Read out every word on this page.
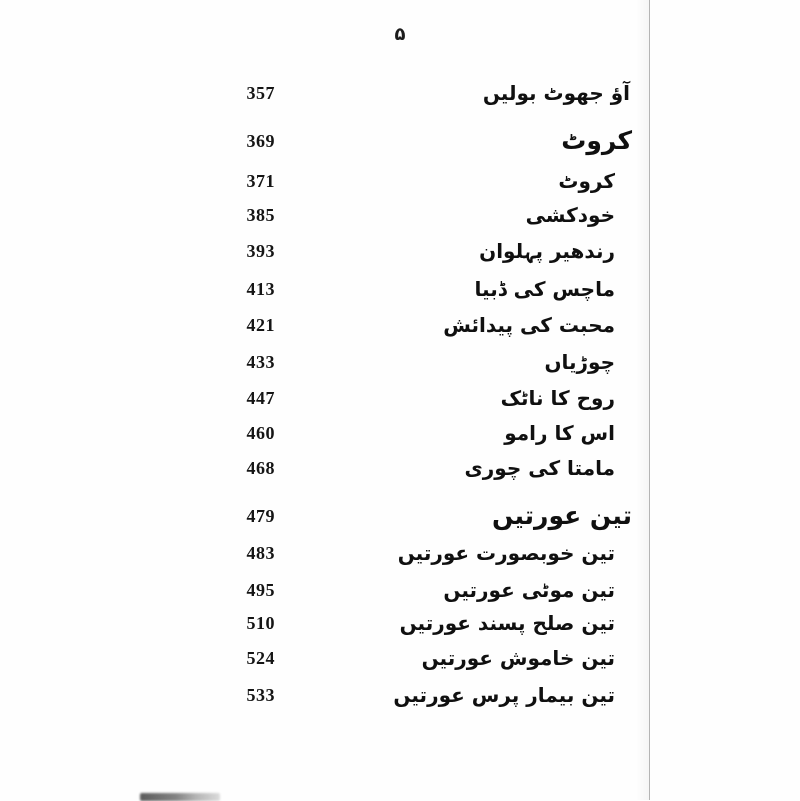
۵
357	آؤ جھوٹ بولیں
369	کروٹ
371	کروٹ
385	خودکشی
393	رندھیر پہلوان
413	ماچس کی ڈبیا
421	محبت کی پیدائش
433	چوڑیاں
447	روح کا ناٹک
460	اس کا رامو
468	مامتا کی چوری
479	تین عورتیں
483	تین خوبصورت عورتیں
495	تین موٹی عورتیں
510	تین صلح پسند عورتیں
524	تین خاموش عورتیں
533	تین بیمار پرس عورتیں
